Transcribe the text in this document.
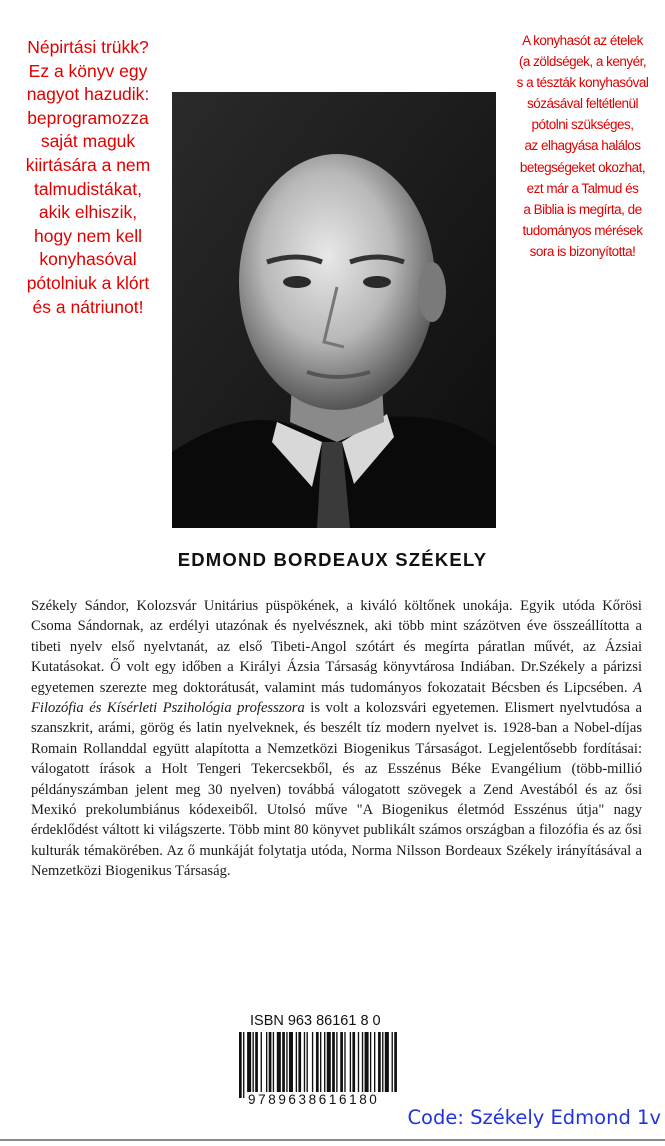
Népirtási trükk?
Ez a könyv egy
nagyot hazudik:
beprogramozza
saját maguk
kiirtására a nem
talmudistákat,
akik elhiszik,
hogy nem kell
konyhasóval
pótolniuk a klórt
és a nátriunot!
A konyhasót az ételek
(a zöldségek, a kenyér,
s a tészták konyhasóval
sózásával feltétlenül
pótolni szükséges,
az elhagyása halálos
betegségeket okozhat,
ezt már a Talmud és
a Biblia is megírta, de
tudományos mérések
sora is bizonyította!
EDMOND BORDEAUX SZÉKELY

Székely Sándor, Kolozsvár Unitárius püspökének, a kiváló költőnek unokája. Egyik utóda Kőrösi Csoma Sándornak, az erdélyi utazónak és nyelvésznek, aki több mint százötven éve összeállította a tibeti nyelv első nyelvtanát, az első Tibeti-Angol szótárt és megírta páratlan művét, az Ázsiai Kutatásokat. Ő volt egy időben a Királyi Ázsia Társaság könyvtárosa Indiában. Dr.Székely a párizsi egyetemen szerezte meg doktorátusát, valamint más tudományos fokozatait Bécsben és Lipcsében. A Filozófia és Kísérleti Pszihológia professzora is volt a kolozsvári egyetemen. Elismert nyelvtudósa a szanszkrit, arámi, görög és latin nyelveknek, és beszélt tíz modern nyelvet is. 1928-ban a Nobel-díjas Romain Rollanddal együtt alapította a Nemzetközi Biogenikus Társaságot. Legjelentősebb fordításai: válogatott írások a Holt Tengeri Tekercsekből, és az Esszénus Béke Evangélium (több-millió példányszámban jelent meg 30 nyelven) továbbá válogatott szövegek a Zend Avestából és az ősi Mexikó prekolumbiánus kódexeiből. Utolsó műve "A Biogenikus életmód Esszénus útja" nagy érdeklődést váltott ki világszerte. Több mint 80 könyvet publikált számos országban a filozófia és az ősi kulturák témakörében. Az ő munkáját folytatja utóda, Norma Nilsson Bordeaux Székely irányításával a Nemzetközi Biogenikus Társaság.

ISBN 963 86161 8 0
9789638616180
Code: Székely Edmond 1v
